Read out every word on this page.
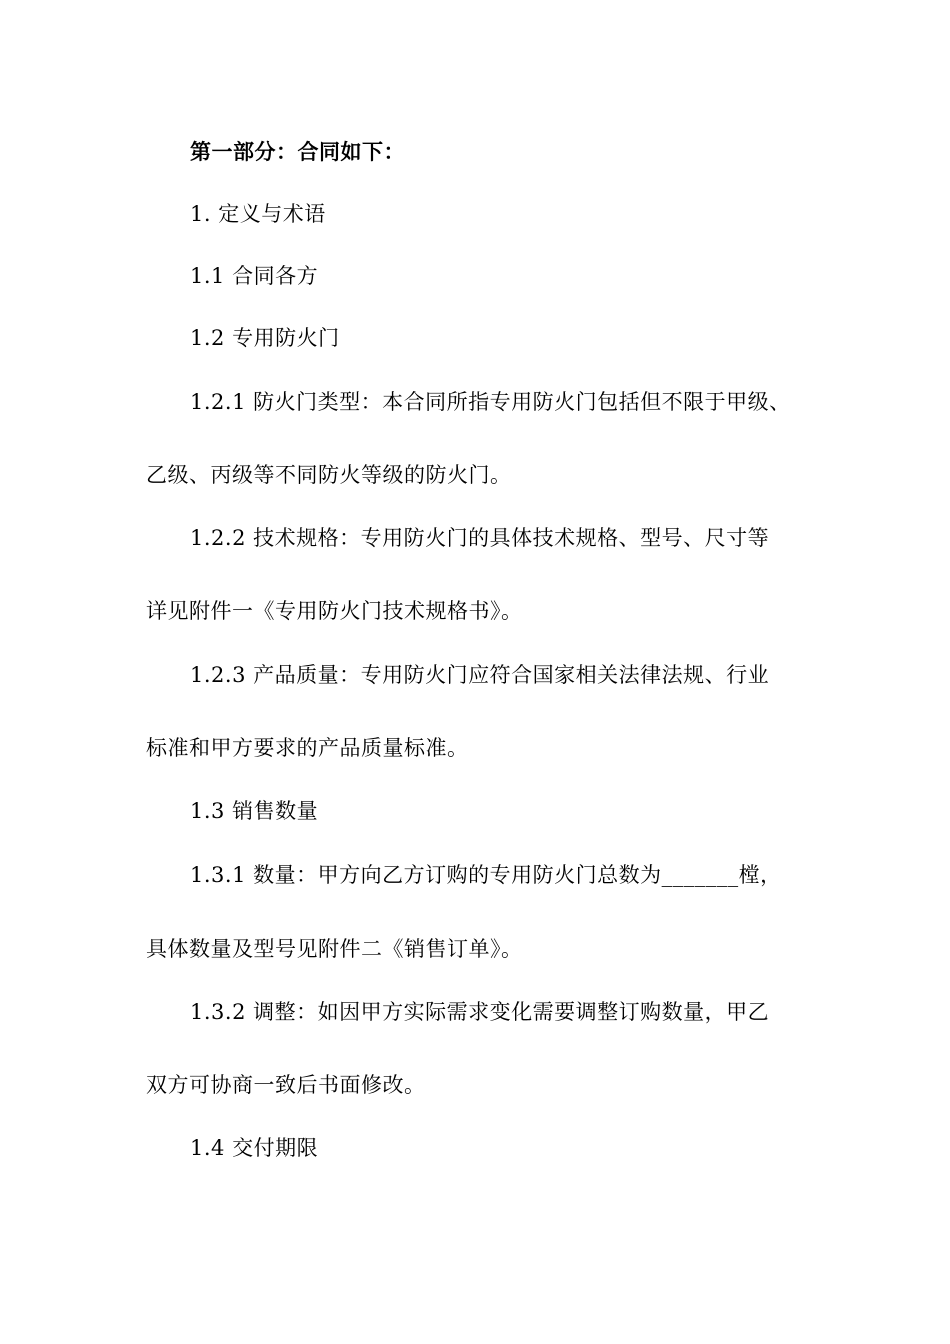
第一部分：合同如下：
1. 定义与术语
1.1 合同各方
1.2 专用防火门
1.2.1 防火门类型：本合同所指专用防火门包括但不限于甲级、
乙级、丙级等不同防火等级的防火门。
1.2.2 技术规格：专用防火门的具体技术规格、型号、尺寸等
详见附件一《专用防火门技术规格书》。
1.2.3 产品质量：专用防火门应符合国家相关法律法规、行业
标准和甲方要求的产品质量标准。
1.3 销售数量
1.3.1 数量：甲方向乙方订购的专用防火门总数为_______樘，
具体数量及型号见附件二《销售订单》。
1.3.2 调整：如因甲方实际需求变化需要调整订购数量，甲乙
双方可协商一致后书面修改。
1.4 交付期限
